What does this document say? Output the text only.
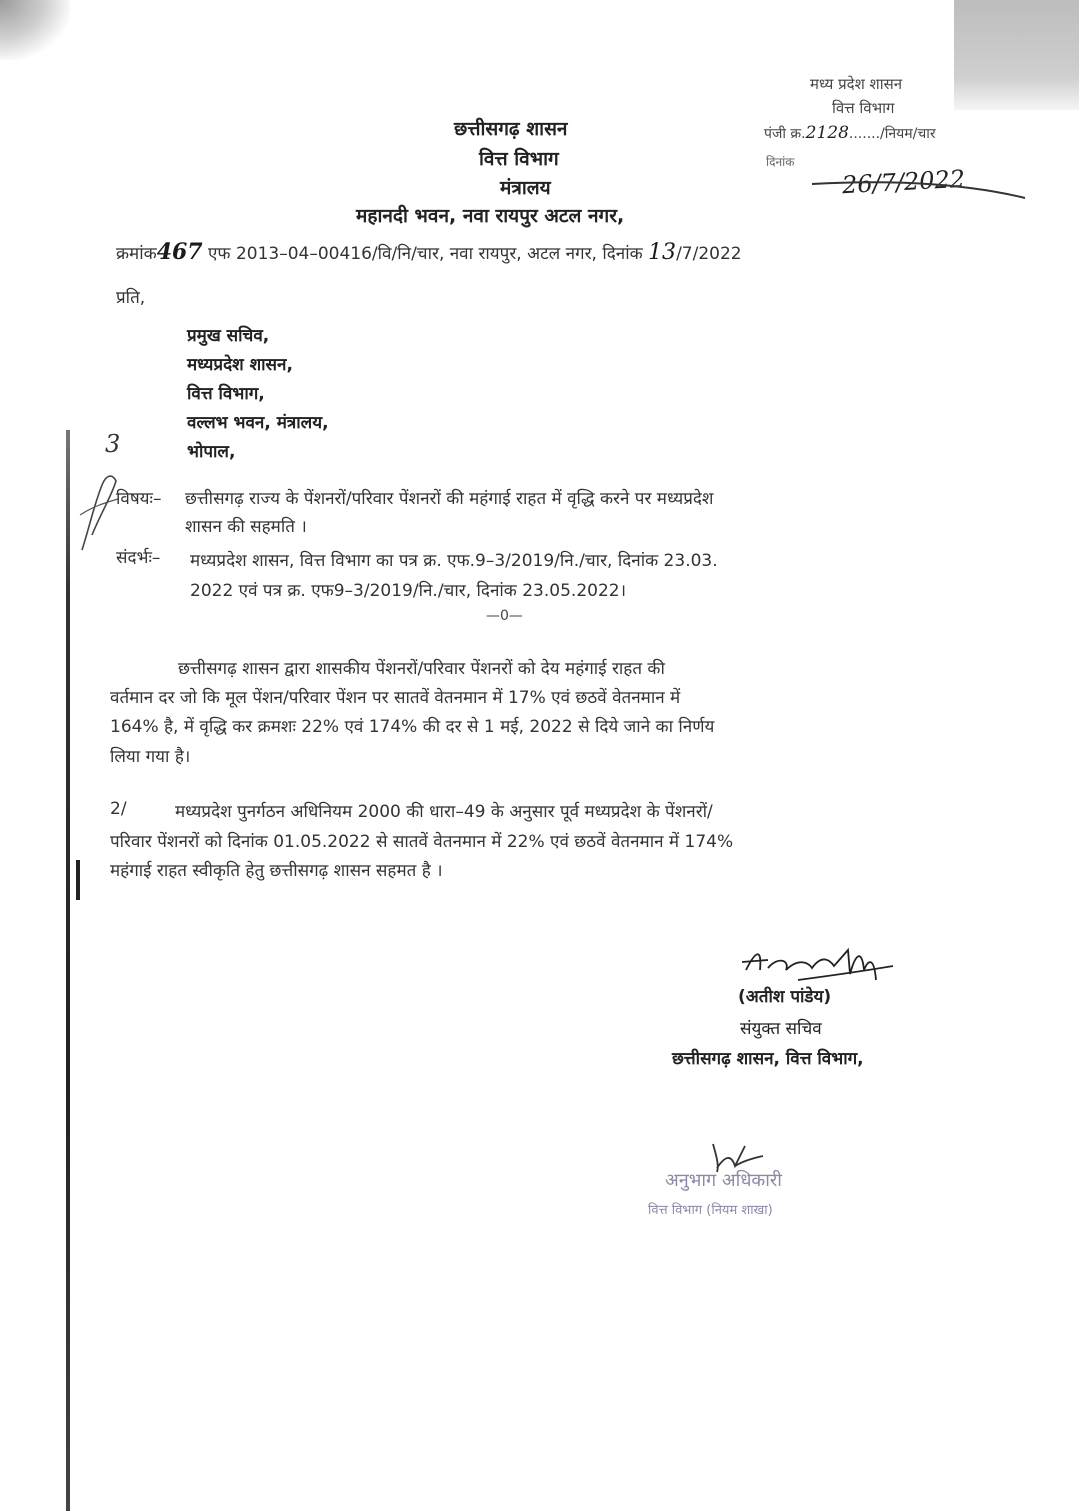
मध्य प्रदेश शासन
वित्त विभाग
पंजी क्र.2128......./नियम/चार
दिनांक
26/7/2022
छत्तीसगढ़ शासन
वित्त विभाग
मंत्रालय
महानदी भवन, नवा रायपुर अटल नगर,
क्रमांक467 एफ 2013–04–00416/वि/नि/चार, नवा रायपुर, अटल नगर, दिनांक 13/7/2022
प्रति,
प्रमुख सचिव,
मध्यप्रदेश शासन,
वित्त विभाग,
वल्लभ भवन, मंत्रालय,
भोपाल,
3
विषयः– छत्तीसगढ़ राज्य के पेंशनरों/परिवार पेंशनरों की महंगाई राहत में वृद्धि करने पर मध्यप्रदेश
शासन की सहमति ।
संदर्भः– मध्यप्रदेश शासन, वित्त विभाग का पत्र क्र. एफ.9–3/2019/नि./चार, दिनांक 23.03.
2022 एवं पत्र क्र. एफ9–3/2019/नि./चार, दिनांक 23.05.2022।
—0—
छत्तीसगढ़ शासन द्वारा शासकीय पेंशनरों/परिवार पेंशनरों को देय महंगाई राहत की
वर्तमान दर जो कि मूल पेंशन/परिवार पेंशन पर सातवें वेतनमान में 17% एवं छठवें वेतनमान में
164% है, में वृद्धि कर क्रमशः 22% एवं 174% की दर से 1 मई, 2022 से दिये जाने का निर्णय
लिया गया है।
2/	मध्यप्रदेश पुनर्गठन अधिनियम 2000 की धारा–49 के अनुसार पूर्व मध्यप्रदेश के पेंशनरों/
परिवार पेंशनरों को दिनांक 01.05.2022 से सातवें वेतनमान में 22% एवं छठवें वेतनमान में 174%
महंगाई राहत स्वीकृति हेतु छत्तीसगढ़ शासन सहमत है ।
(अतीश पांडेय)
संयुक्त सचिव
छत्तीसगढ़ शासन, वित्त विभाग,
अनुभाग अधिकारी
वित्त विभाग (नियम शाखा)
